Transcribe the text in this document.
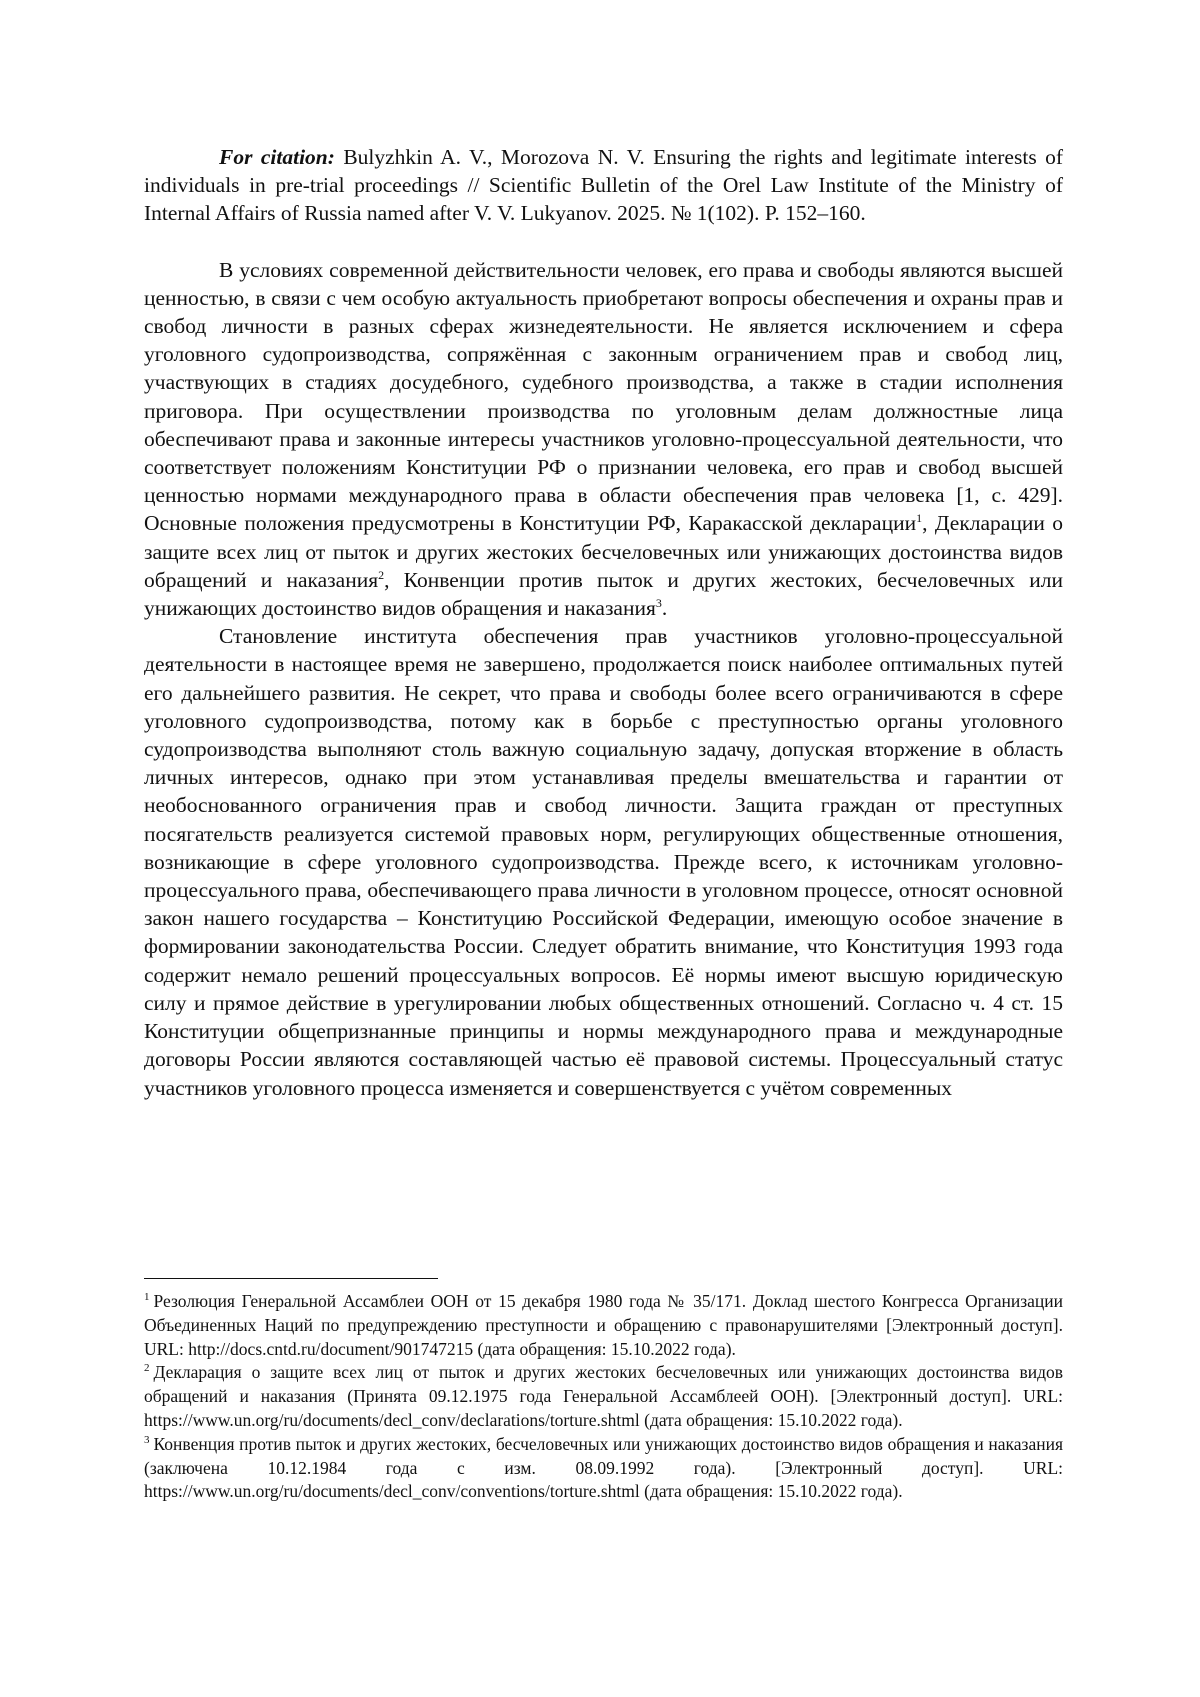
For citation: Bulyzhkin A. V., Morozova N. V. Ensuring the rights and legitimate interests of individuals in pre-trial proceedings // Scientific Bulletin of the Orel Law Institute of the Ministry of Internal Affairs of Russia named after V. V. Lukyanov. 2025. № 1(102). P. 152–160.

В условиях современной действительности человек, его права и свободы являются высшей ценностью, в связи с чем особую актуальность приобретают вопросы обеспечения и охраны прав и свобод личности в разных сферах жизнедеятельности. Не является исключением и сфера уголовного судопроизводства, сопряжённая с законным ограничением прав и свобод лиц, участвующих в стадиях досудебного, судебного производства, а также в стадии исполнения приговора. При осуществлении производства по уголовным делам должностные лица обеспечивают права и законные интересы участников уголовно-процессуальной деятельности, что соответствует положениям Конституции РФ о признании человека, его прав и свобод высшей ценностью нормами международного права в области обеспечения прав человека [1, с. 429]. Основные положения предусмотрены в Конституции РФ, Каракасской декларации$^1$, Декларации о защите всех лиц от пыток и других жестоких бесчеловечных или унижающих достоинства видов обращений и наказания$^2$, Конвенции против пыток и других жестоких, бесчеловечных или унижающих достоинство видов обращения и наказания$^3$.

Становление института обеспечения прав участников уголовно-процессуальной деятельности в настоящее время не завершено, продолжается поиск наиболее оптимальных путей его дальнейшего развития. Не секрет, что права и свободы более всего ограничиваются в сфере уголовного судопроизводства, потому как в борьбе с преступностью органы уголовного судопроизводства выполняют столь важную социальную задачу, допуская вторжение в область личных интересов, однако при этом устанавливая пределы вмешательства и гарантии от необоснованного ограничения прав и свобод личности. Защита граждан от преступных посягательств реализуется системой правовых норм, регулирующих общественные отношения, возникающие в сфере уголовного судопроизводства. Прежде всего, к источникам уголовно-процессуального права, обеспечивающего права личности в уголовном процессе, относят основной закон нашего государства – Конституцию Российской Федерации, имеющую особое значение в формировании законодательства России. Следует обратить внимание, что Конституция 1993 года содержит немало решений процессуальных вопросов. Её нормы имеют высшую юридическую силу и прямое действие в урегулировании любых общественных отношений. Согласно ч. 4 ст. 15 Конституции общепризнанные принципы и нормы международного права и международные договоры России являются составляющей частью её правовой системы. Процессуальный статус участников уголовного процесса изменяется и совершенствуется с учётом современных

$^1$ Резолюция Генеральной Ассамблеи ООН от 15 декабря 1980 года № 35/171. Доклад шестого Конгресса Организации Объединенных Наций по предупреждению преступности и обращению с правонарушителями [Электронный доступ]. URL: http://docs.cntd.ru/document/901747215 (дата обращения: 15.10.2022 года).

$^2$ Декларация о защите всех лиц от пыток и других жестоких бесчеловечных или унижающих достоинства видов обращений и наказания (Принята 09.12.1975 года Генеральной Ассамблеей ООН). [Электронный доступ]. URL: https://www.un.org/ru/documents/decl_conv/declarations/torture.shtml (дата обращения: 15.10.2022 года).

$^3$ Конвенция против пыток и других жестоких, бесчеловечных или унижающих достоинство видов обращения и наказания (заключена 10.12.1984 года с изм. 08.09.1992 года). [Электронный доступ]. URL: https://www.un.org/ru/documents/decl_conv/conventions/torture.shtml (дата обращения: 15.10.2022 года).
